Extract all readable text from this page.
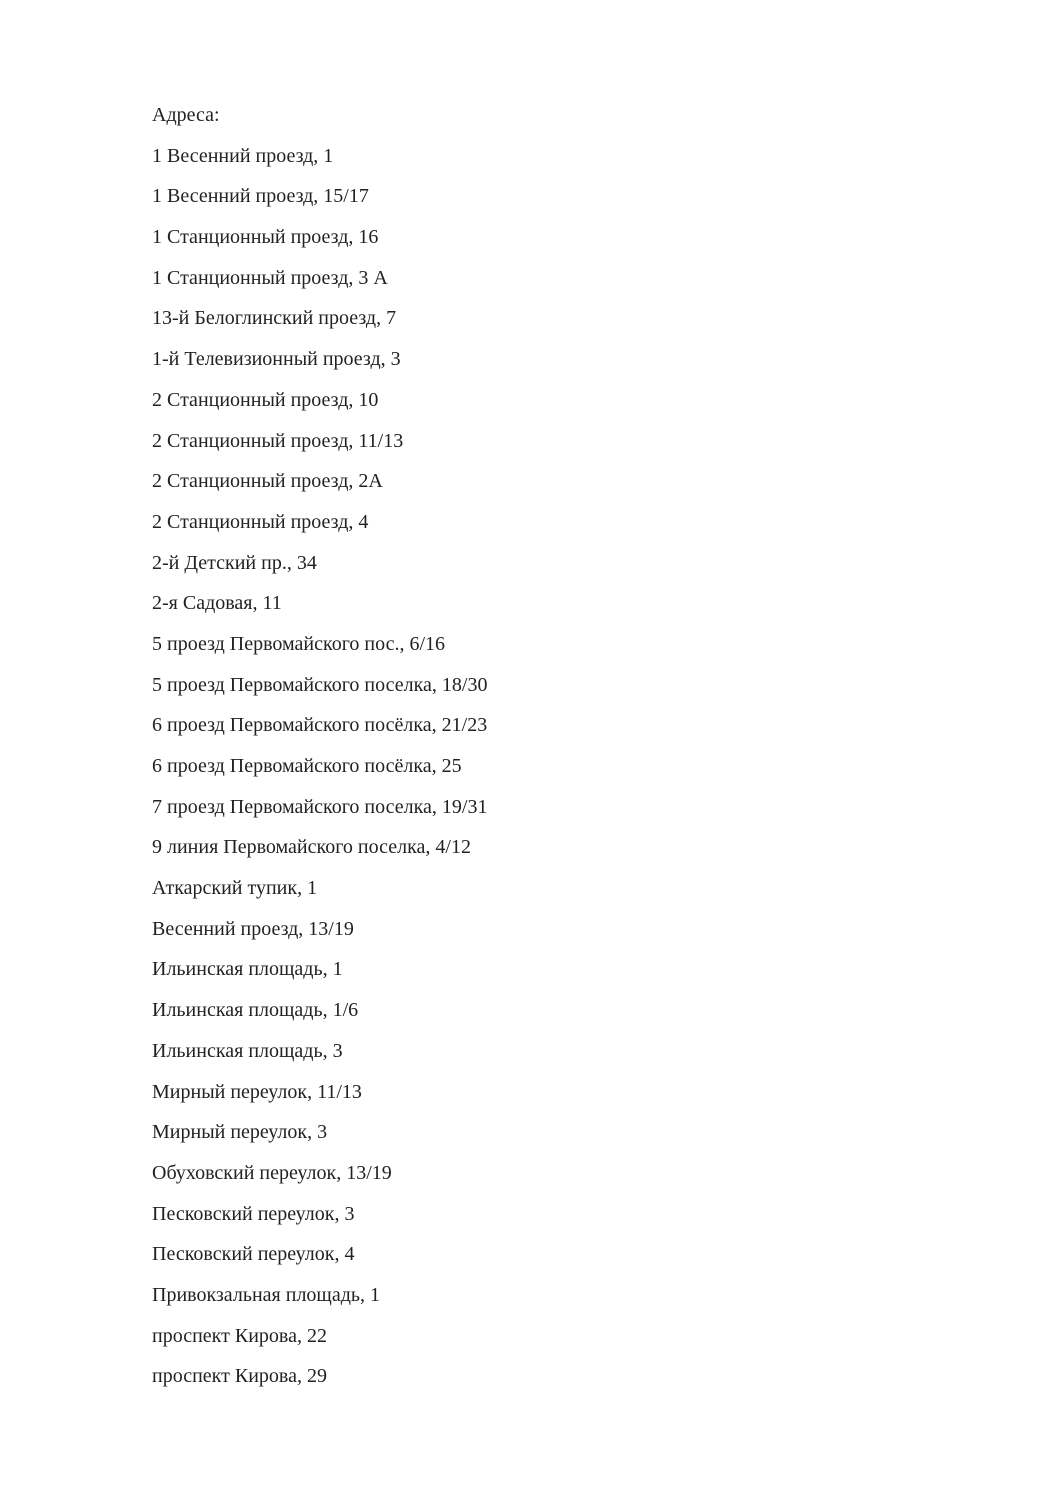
Адреса:
1 Весенний проезд, 1
1 Весенний проезд, 15/17
1 Станционный проезд, 16
1 Станционный проезд, 3 А
13-й Белоглинский проезд, 7
1-й Телевизионный проезд, 3
2 Станционный проезд, 10
2 Станционный проезд, 11/13
2 Станционный проезд, 2А
2 Станционный проезд, 4
2-й Детский пр., 34
2-я Садовая, 11
5 проезд Первомайского пос., 6/16
5 проезд Первомайского поселка, 18/30
6 проезд Первомайского посёлка, 21/23
6 проезд Первомайского посёлка, 25
7 проезд Первомайского поселка, 19/31
9 линия Первомайского поселка, 4/12
Аткарский тупик, 1
Весенний проезд, 13/19
Ильинская площадь, 1
Ильинская площадь, 1/6
Ильинская площадь, 3
Мирный переулок, 11/13
Мирный переулок, 3
Обуховский переулок, 13/19
Песковский переулок, 3
Песковский переулок, 4
Привокзальная площадь, 1
проспект Кирова, 22
проспект Кирова, 29
